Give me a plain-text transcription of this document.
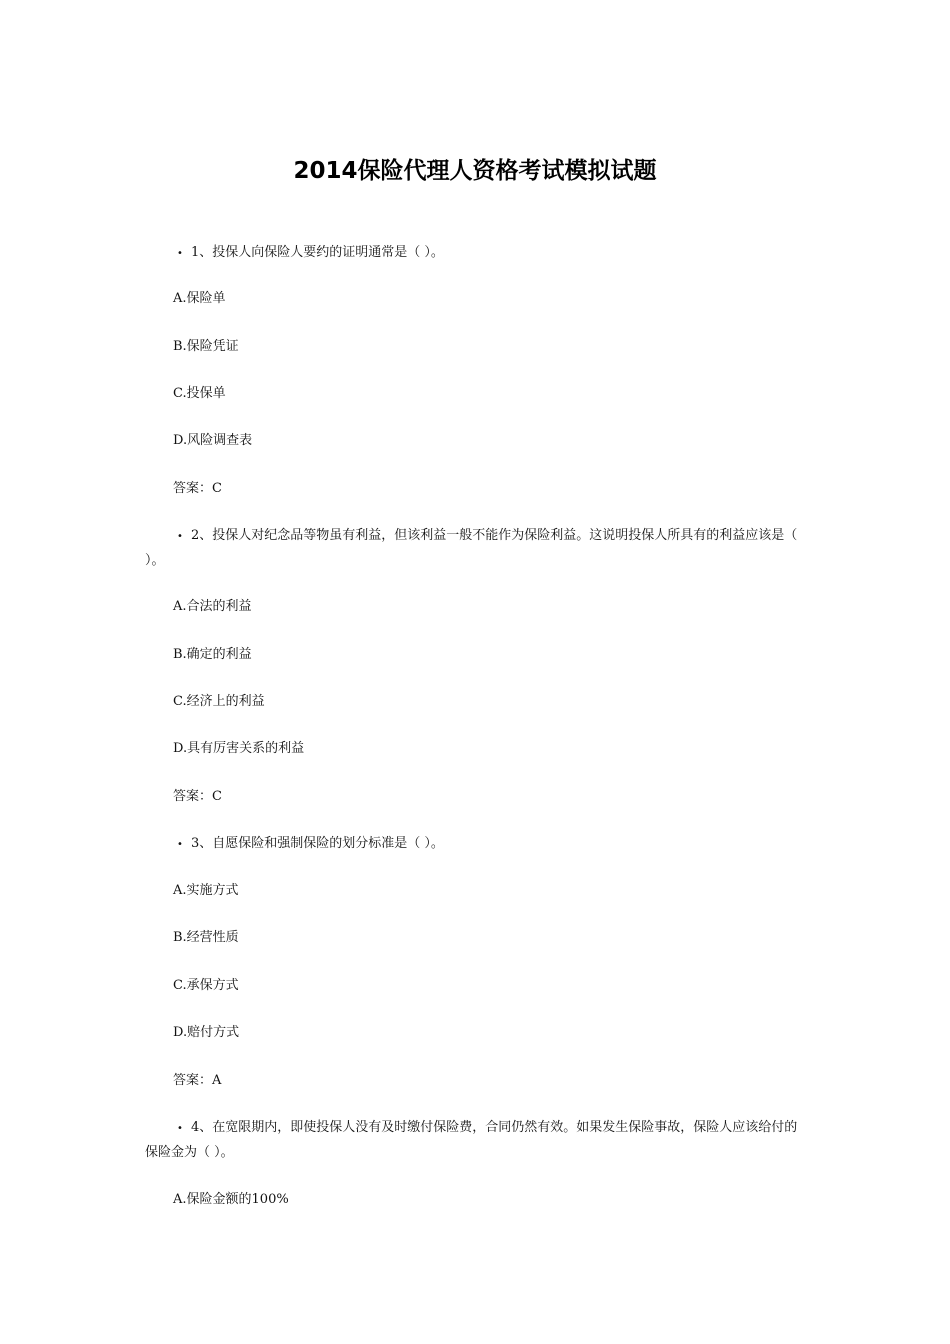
2014保险代理人资格考试模拟试题

• 1、投保人向保险人要约的证明通常是（ ）。

A.保险单

B.保险凭证

C.投保单

D.风险调查表

答案：C

• 2、投保人对纪念品等物虽有利益，但该利益一般不能作为保险利益。这说明投保人所具有的利益应该是（ ）。

A.合法的利益

B.确定的利益

C.经济上的利益

D.具有厉害关系的利益

答案：C

• 3、自愿保险和强制保险的划分标准是（ ）。

A.实施方式

B.经营性质

C.承保方式

D.赔付方式

答案：A

• 4、在宽限期内，即使投保人没有及时缴付保险费，合同仍然有效。如果发生保险事故，保险人应该给付的保险金为（ ）。

A.保险金额的100%
